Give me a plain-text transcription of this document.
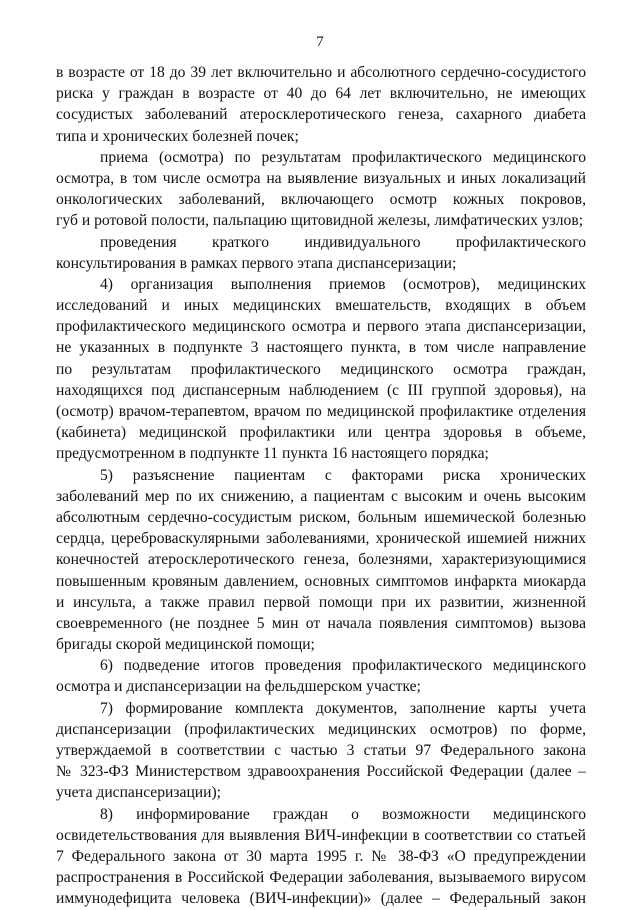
7
в возрасте от 18 до 39 лет включительно и абсолютного сердечно-сосудистого
риска у граждан в возрасте от 40 до 64 лет включительно, не имеющих
сосудистых заболеваний атеросклеротического генеза, сахарного диабета
типа и хронических болезней почек;
приема (осмотра) по результатам профилактического медицинского
осмотра, в том числе осмотра на выявление визуальных и иных локализаций
онкологических заболеваний, включающего осмотр кожных покровов,
губ и ротовой полости, пальпацию щитовидной железы, лимфатических узлов;
проведения краткого индивидуального профилактического
консультирования в рамках первого этапа диспансеризации;
4) организация выполнения приемов (осмотров), медицинских
исследований и иных медицинских вмешательств, входящих в объем
профилактического медицинского осмотра и первого этапа диспансеризации,
не указанных в подпункте 3 настоящего пункта, в том числе направление
по результатам профилактического медицинского осмотра граждан,
находящихся под диспансерным наблюдением (с III группой здоровья), на
(осмотр) врачом-терапевтом, врачом по медицинской профилактике отделения
(кабинета) медицинской профилактики или центра здоровья в объеме,
предусмотренном в подпункте 11 пункта 16 настоящего порядка;
5) разъяснение пациентам с факторами риска хронических
заболеваний мер по их снижению, а пациентам с высоким и очень высоким
абсолютным сердечно-сосудистым риском, больным ишемической болезнью
сердца, цереброваскулярными заболеваниями, хронической ишемией нижних
конечностей атеросклеротического генеза, болезнями, характеризующимися
повышенным кровяным давлением, основных симптомов инфаркта миокарда
и инсульта, а также правил первой помощи при их развитии, жизненной
своевременного (не позднее 5 мин от начала появления симптомов) вызова
бригады скорой медицинской помощи;
6) подведение итогов проведения профилактического медицинского
осмотра и диспансеризации на фельдшерском участке;
7) формирование комплекта документов, заполнение карты учета
диспансеризации (профилактических медицинских осмотров) по форме,
утверждаемой в соответствии с частью 3 статьи 97 Федерального закона
№ 323-ФЗ Министерством здравоохранения Российской Федерации (далее –
учета диспансеризации);
8) информирование граждан о возможности медицинского
освидетельствования для выявления ВИЧ-инфекции в соответствии со статьей
7 Федерального закона от 30 марта 1995 г. № 38-ФЗ «О предупреждении
распространения в Российской Федерации заболевания, вызываемого вирусом
иммунодефицита человека (ВИЧ-инфекции)» (далее – Федеральный закон
